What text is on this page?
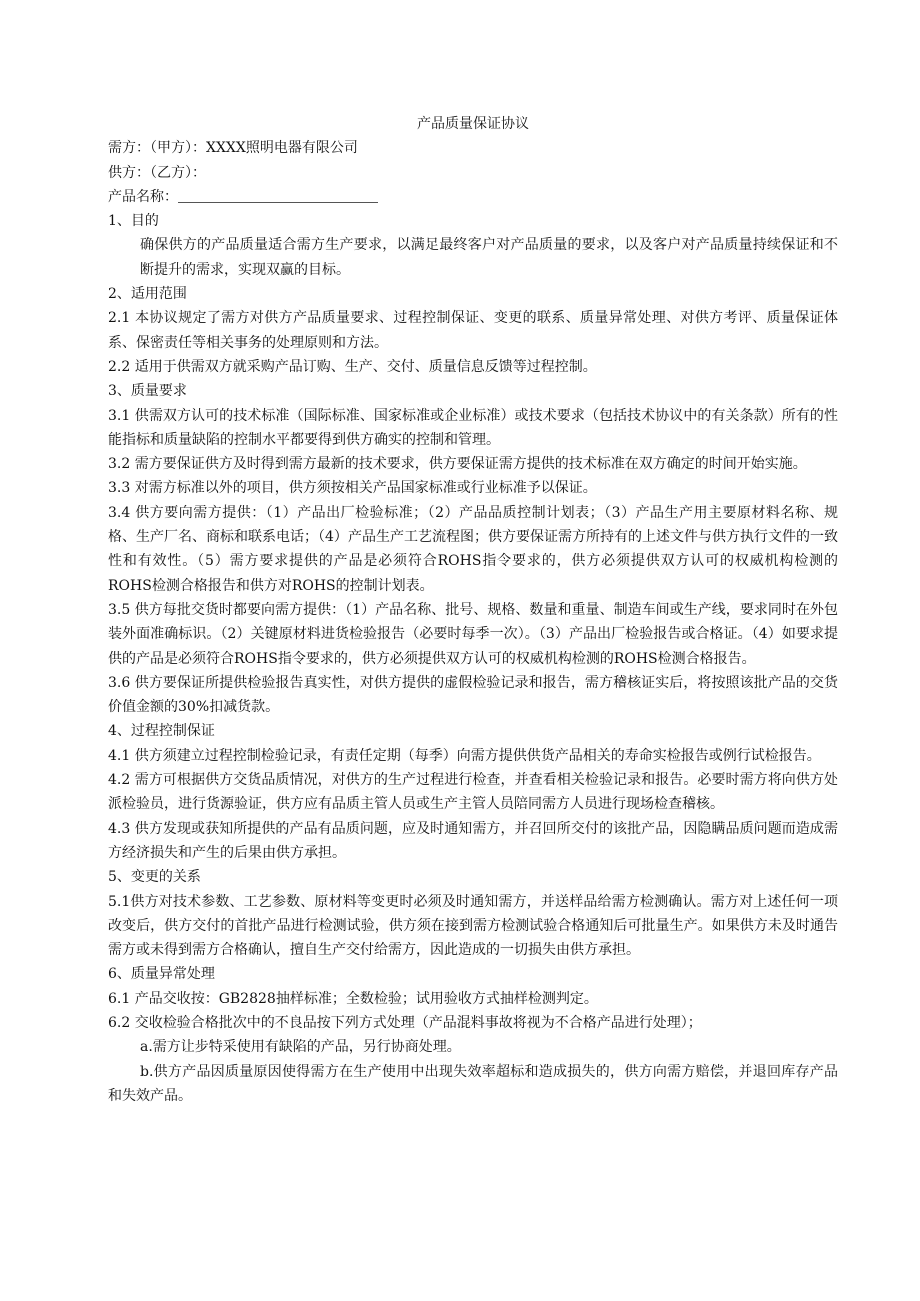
产品质量保证协议

需方：（甲方）：XXXX照明电器有限公司

供方：（乙方）：

产品名称：

1、目的

确保供方的产品质量适合需方生产要求，以满足最终客户对产品质量的要求，以及客户对产品质量持续保证和不断提升的需求，实现双赢的目标。

2、适用范围

2.1 本协议规定了需方对供方产品质量要求、过程控制保证、变更的联系、质量异常处理、对供方考评、质量保证体系、保密责任等相关事务的处理原则和方法。

2.2 适用于供需双方就采购产品订购、生产、交付、质量信息反馈等过程控制。

3、质量要求

3.1 供需双方认可的技术标准（国际标准、国家标准或企业标准）或技术要求（包括技术协议中的有关条款）所有的性能指标和质量缺陷的控制水平都要得到供方确实的控制和管理。

3.2 需方要保证供方及时得到需方最新的技术要求，供方要保证需方提供的技术标准在双方确定的时间开始实施。

3.3 对需方标准以外的项目，供方须按相关产品国家标准或行业标准予以保证。

3.4 供方要向需方提供：（1）产品出厂检验标准；（2）产品品质控制计划表；（3）产品生产用主要原材料名称、规格、生产厂名、商标和联系电话；（4）产品生产工艺流程图；供方要保证需方所持有的上述文件与供方执行文件的一致性和有效性。（5）需方要求提供的产品是必须符合ROHS指令要求的，供方必须提供双方认可的权威机构检测的ROHS检测合格报告和供方对ROHS的控制计划表。

3.5 供方每批交货时都要向需方提供：（1）产品名称、批号、规格、数量和重量、制造车间或生产线，要求同时在外包装外面准确标识。（2）关键原材料进货检验报告（必要时每季一次）。（3）产品出厂检验报告或合格证。（4）如要求提供的产品是必须符合ROHS指令要求的，供方必须提供双方认可的权威机构检测的ROHS检测合格报告。

3.6 供方要保证所提供检验报告真实性，对供方提供的虚假检验记录和报告，需方稽核证实后，将按照该批产品的交货价值金额的30%扣减货款。

4、过程控制保证

4.1 供方须建立过程控制检验记录，有责任定期（每季）向需方提供供货产品相关的寿命实检报告或例行试检报告。

4.2 需方可根据供方交货品质情况，对供方的生产过程进行检查，并查看相关检验记录和报告。必要时需方将向供方处派检验员，进行货源验证，供方应有品质主管人员或生产主管人员陪同需方人员进行现场检查稽核。

4.3 供方发现或获知所提供的产品有品质问题，应及时通知需方，并召回所交付的该批产品，因隐瞒品质问题而造成需方经济损失和产生的后果由供方承担。

5、变更的关系

5.1供方对技术参数、工艺参数、原材料等变更时必须及时通知需方，并送样品给需方检测确认。需方对上述任何一项改变后，供方交付的首批产品进行检测试验，供方须在接到需方检测试验合格通知后可批量生产。如果供方未及时通告需方或未得到需方合格确认，擅自生产交付给需方，因此造成的一切损失由供方承担。

6、质量异常处理

6.1 产品交收按：GB2828抽样标准；全数检验；试用验收方式抽样检测判定。

6.2 交收检验合格批次中的不良品按下列方式处理（产品混料事故将视为不合格产品进行处理）；

a.需方让步特采使用有缺陷的产品，另行协商处理。

b.供方产品因质量原因使得需方在生产使用中出现失效率超标和造成损失的，供方向需方赔偿，并退回库存产品和失效产品。
